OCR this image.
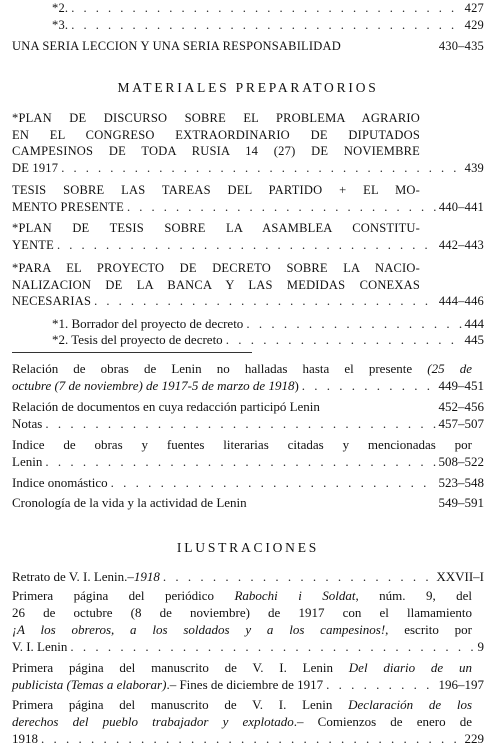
*2. . . .	427
*3. . . .	429
UNA SERIA LECCION Y UNA SERIA RESPONSABILIDAD	430–435
MATERIALES PREPARATORIOS
*PLAN DE DISCURSO SOBRE EL PROBLEMA AGRARIO
EN EL CONGRESO EXTRAORDINARIO DE DIPUTADOS
CAMPESINOS DE TODA RUSIA 14 (27) DE NOVIEMBRE
DE 1917 . . .	439
TESIS SOBRE LAS TAREAS DEL PARTIDO + EL MO-
MENTO PRESENTE . . .	440–441
*PLAN DE TESIS SOBRE LA ASAMBLEA CONSTITU-
YENTE . . .	442–443
*PARA EL PROYECTO DE DECRETO SOBRE LA NACIO-
NALIZACION DE LA BANCA Y LAS MEDIDAS CONEXAS
NECESARIAS . . .	444–446
*1. Borrador del proyecto de decreto . . .	444
*2. Tesis del proyecto de decreto . . .	445
Relación de obras de Lenin no halladas hasta el presente (25 de
octubre (7 de noviembre) de 1917-5 de marzo de 1918) . . .	449–451
Relación de documentos en cuya redacción participó Lenin	452–456
Notas . . .	457–507
Indice de obras y fuentes literarias citadas y mencionadas por
Lenin . . .	508–522
Indice onomástico . . .	523–548
Cronología de la vida y la actividad de Lenin	549–591
ILUSTRACIONES
Retrato de V. I. Lenin.–1918 . . .	XXVII–I
Primera página del periódico Rabochi i Soldat, núm. 9, del
26 de octubre (8 de noviembre) de 1917 con el llamamiento
¡A los obreros, a los soldados y a los campesinos!, escrito por
V. I. Lenin . . .	9
Primera página del manuscrito de V. I. Lenin Del diario de un
publicista (Temas a elaborar).– Fines de diciembre de 1917 . . .	196–197
Primera página del manuscrito de V. I. Lenin Declaración de los
derechos del pueblo trabajador y explotado.– Comienzos de enero de
1918 . . .	229
